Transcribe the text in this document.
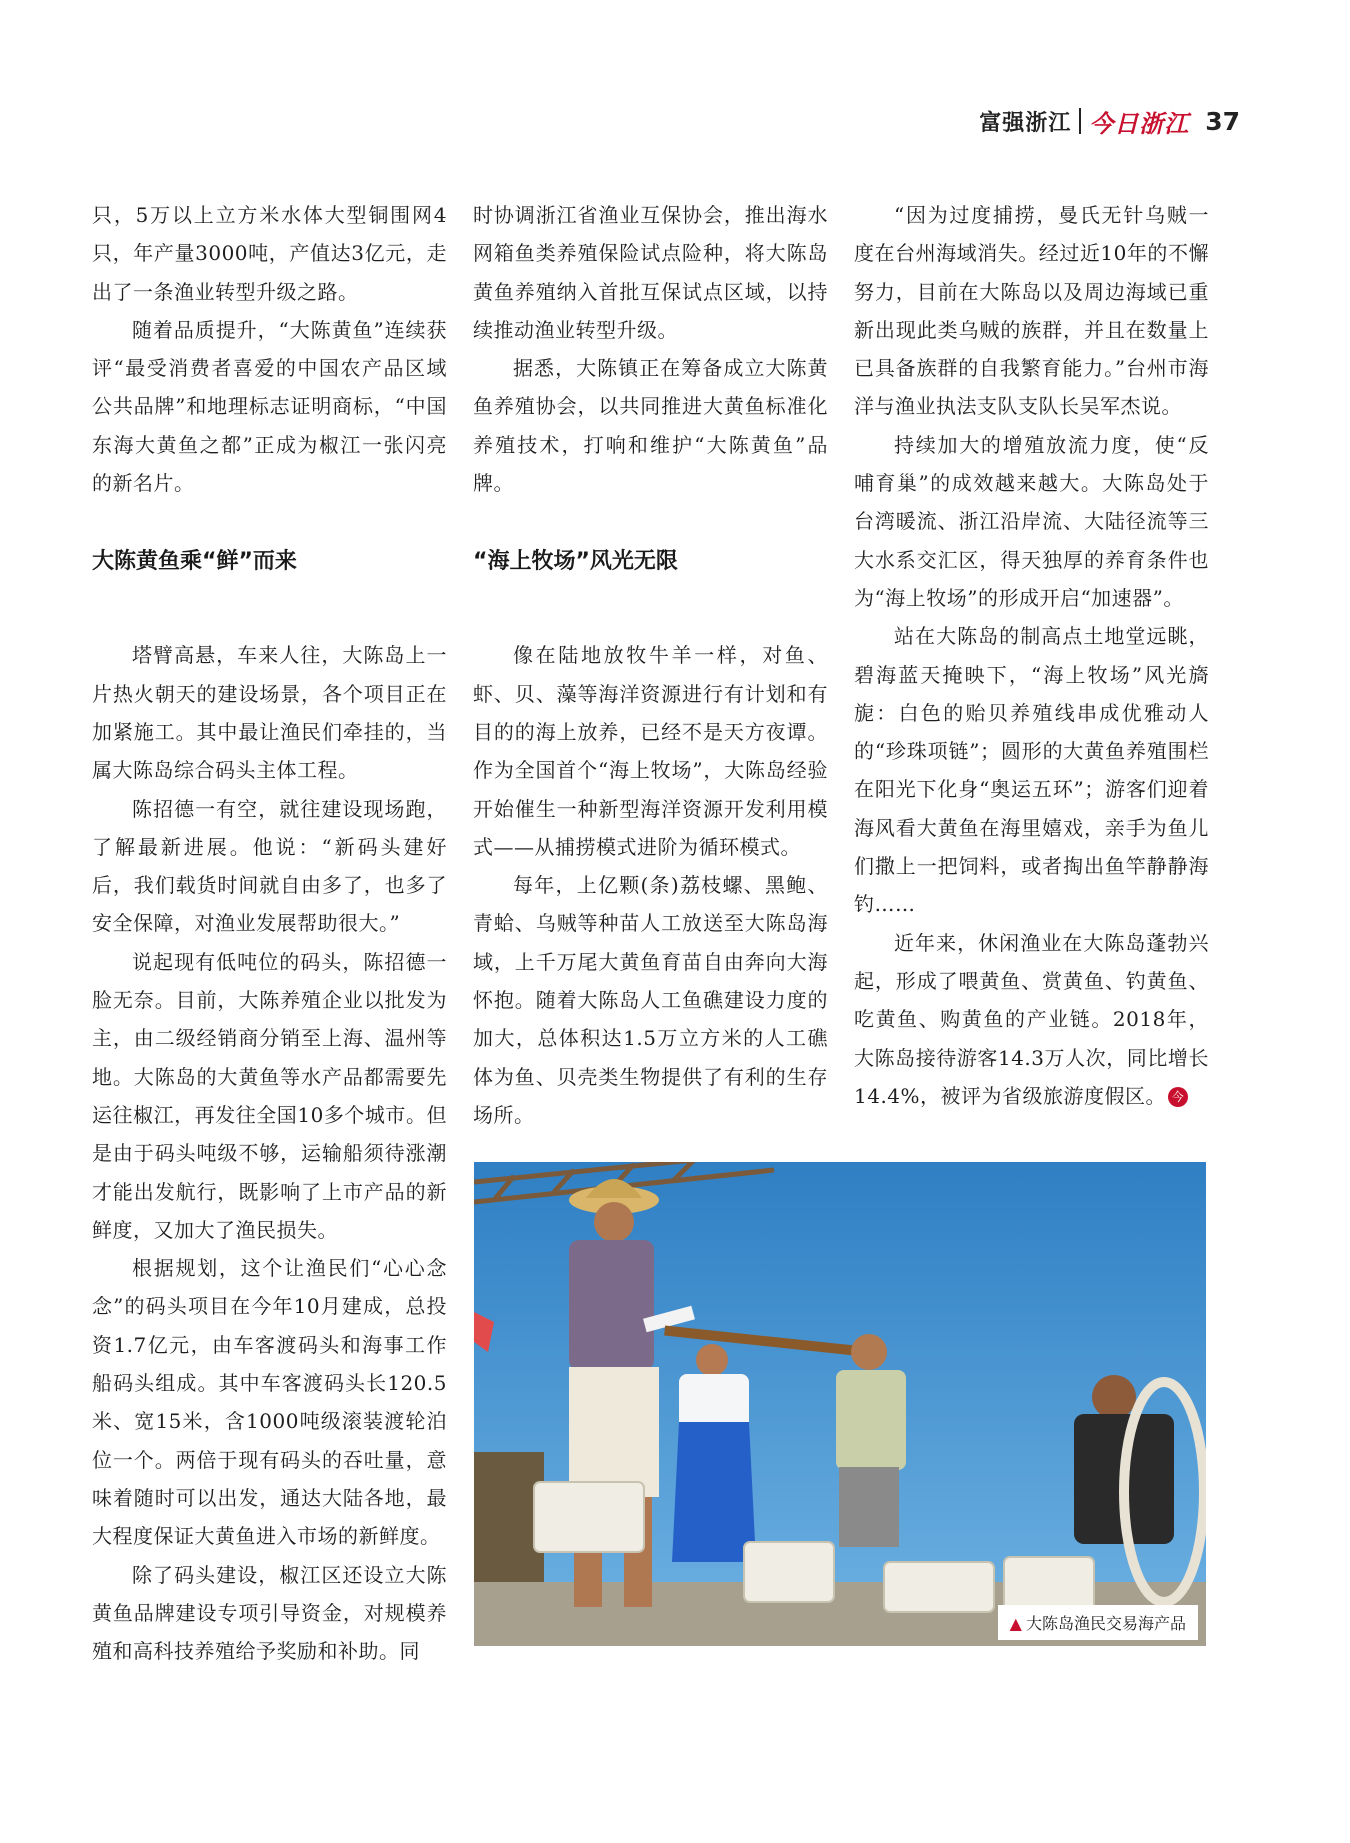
富强浙江 今日浙江 37

只，5万以上立方米水体大型铜围网4只，年产量3000吨，产值达3亿元，走出了一条渔业转型升级之路。

随着品质提升，“大陈黄鱼”连续获评“最受消费者喜爱的中国农产品区域公共品牌”和地理标志证明商标，“中国东海大黄鱼之都”正成为椒江一张闪亮的新名片。

大陈黄鱼乘“鲜”而来

塔臂高悬，车来人往，大陈岛上一片热火朝天的建设场景，各个项目正在加紧施工。其中最让渔民们牵挂的，当属大陈岛综合码头主体工程。

陈招德一有空，就往建设现场跑，了解最新进展。他说：“新码头建好后，我们载货时间就自由多了，也多了安全保障，对渔业发展帮助很大。”

说起现有低吨位的码头，陈招德一脸无奈。目前，大陈养殖企业以批发为主，由二级经销商分销至上海、温州等地。大陈岛的大黄鱼等水产品都需要先运往椒江，再发往全国10多个城市。但是由于码头吨级不够，运输船须待涨潮才能出发航行，既影响了上市产品的新鲜度，又加大了渔民损失。

根据规划，这个让渔民们“心心念念”的码头项目在今年10月建成，总投资1.7亿元，由车客渡码头和海事工作船码头组成。其中车客渡码头长120.5米、宽15米，含1000吨级滚装渡轮泊位一个。两倍于现有码头的吞吐量，意味着随时可以出发，通达大陆各地，最大程度保证大黄鱼进入市场的新鲜度。

除了码头建设，椒江区还设立大陈黄鱼品牌建设专项引导资金，对规模养殖和高科技养殖给予奖励和补助。同

时协调浙江省渔业互保协会，推出海水网箱鱼类养殖保险试点险种，将大陈岛黄鱼养殖纳入首批互保试点区域，以持续推动渔业转型升级。

据悉，大陈镇正在筹备成立大陈黄鱼养殖协会，以共同推进大黄鱼标准化养殖技术，打响和维护“大陈黄鱼”品牌。

“海上牧场”风光无限

像在陆地放牧牛羊一样，对鱼、虾、贝、藻等海洋资源进行有计划和有目的的海上放养，已经不是天方夜谭。作为全国首个“海上牧场”，大陈岛经验开始催生一种新型海洋资源开发利用模式——从捕捞模式进阶为循环模式。

每年，上亿颗(条)荔枝螺、黑鲍、青蛤、乌贼等种苗人工放送至大陈岛海域，上千万尾大黄鱼育苗自由奔向大海怀抱。随着大陈岛人工鱼礁建设力度的加大，总体积达1.5万立方米的人工礁体为鱼、贝壳类生物提供了有利的生存场所。

“因为过度捕捞，曼氏无针乌贼一度在台州海域消失。经过近10年的不懈努力，目前在大陈岛以及周边海域已重新出现此类乌贼的族群，并且在数量上已具备族群的自我繁育能力。”台州市海洋与渔业执法支队支队长吴军杰说。

持续加大的增殖放流力度，使“反哺育巢”的成效越来越大。大陈岛处于台湾暖流、浙江沿岸流、大陆径流等三大水系交汇区，得天独厚的养育条件也为“海上牧场”的形成开启“加速器”。

站在大陈岛的制高点土地堂远眺，碧海蓝天掩映下，“海上牧场”风光旖旎：白色的贻贝养殖线串成优雅动人的“珍珠项链”；圆形的大黄鱼养殖围栏在阳光下化身“奥运五环”；游客们迎着海风看大黄鱼在海里嬉戏，亲手为鱼儿们撒上一把饲料，或者掏出鱼竿静静海钓……

近年来，休闲渔业在大陈岛蓬勃兴起，形成了喂黄鱼、赏黄鱼、钓黄鱼、吃黄鱼、购黄鱼的产业链。2018年，大陈岛接待游客14.3万人次，同比增长14.4%，被评为省级旅游度假区。 今

▲ 大陈岛渔民交易海产品
